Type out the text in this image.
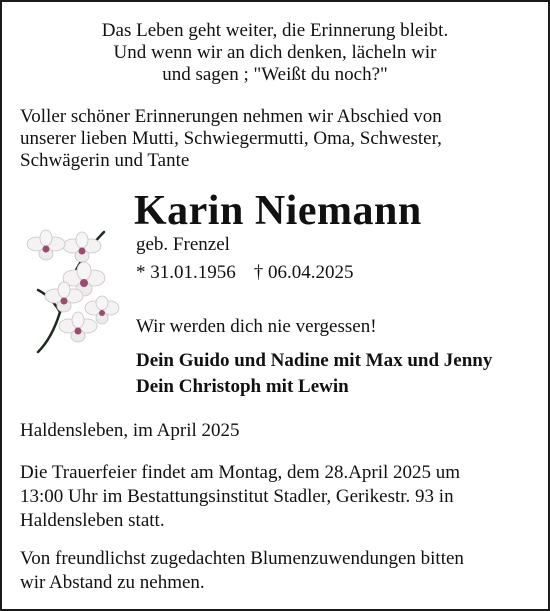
Das Leben geht weiter, die Erinnerung bleibt.

Und wenn wir an dich denken, lächeln wir

und sagen ; "Weißt du noch?"

Voller schöner Erinnerungen nehmen wir Abschied von

unserer lieben Mutti, Schwiegermutti, Oma, Schwester,

Schwägerin und Tante

Karin Niemann

geb. Frenzel

* 31.01.1956 † 06.04.2025

Wir werden dich nie vergessen!

Dein Guido und Nadine mit Max und Jenny

Dein Christoph mit Lewin

Haldensleben, im April 2025

Die Trauerfeier findet am Montag, dem 28.April 2025 um

13:00 Uhr im Bestattungsinstitut Stadler, Gerikestr. 93 in

Haldensleben statt.

Von freundlichst zugedachten Blumenzuwendungen bitten

wir Abstand zu nehmen.
